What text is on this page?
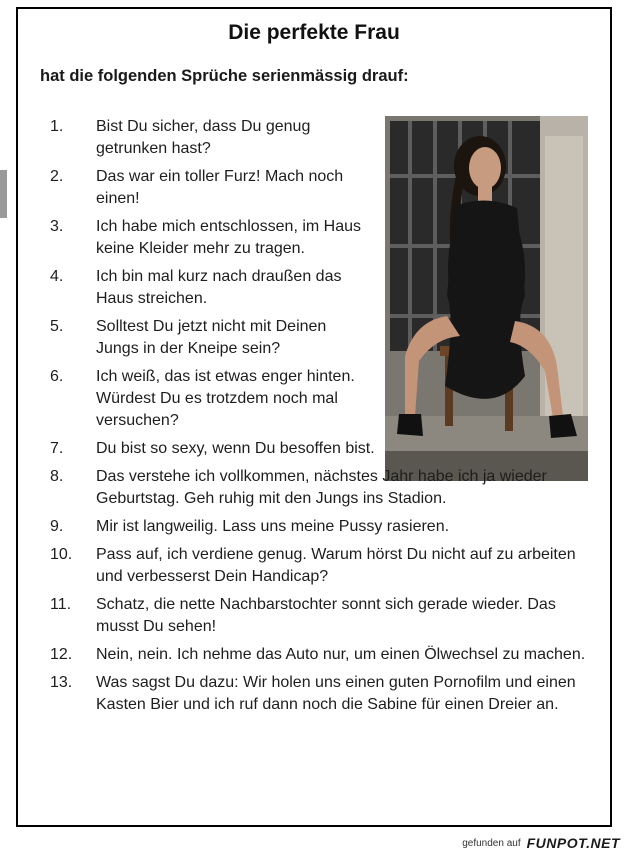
Die perfekte Frau
hat die folgenden Sprüche serienmässig drauf:
1.	Bist Du sicher, dass Du genug getrunken hast?
2.	Das war ein toller Furz! Mach noch einen!
3.	Ich habe mich entschlossen, im Haus keine Kleider mehr zu tragen.
4.	Ich bin mal kurz nach draußen das Haus streichen.
5.	Solltest Du jetzt nicht mit Deinen Jungs in der Kneipe sein?
6.	Ich weiß, das ist etwas enger hinten. Würdest Du es trotzdem noch mal versuchen?
7.	Du bist so sexy, wenn Du besoffen bist.
8.	Das verstehe ich vollkommen, nächstes Jahr habe ich ja wieder Geburtstag. Geh ruhig mit den Jungs ins Stadion.
9.	Mir ist langweilig. Lass uns meine Pussy rasieren.
10.	Pass auf, ich verdiene genug. Warum hörst Du nicht auf zu arbeiten und verbesserst Dein Handicap?
11.	Schatz, die nette Nachbarstochter sonnt sich gerade wieder. Das musst Du sehen!
12.	Nein, nein. Ich nehme das Auto nur, um einen Ölwechsel zu machen.
13.	Was sagst Du dazu: Wir holen uns einen guten Pornofilm und einen Kasten Bier und ich ruf dann noch die Sabine für einen Dreier an.
gefunden auf FUNPOT.NET
